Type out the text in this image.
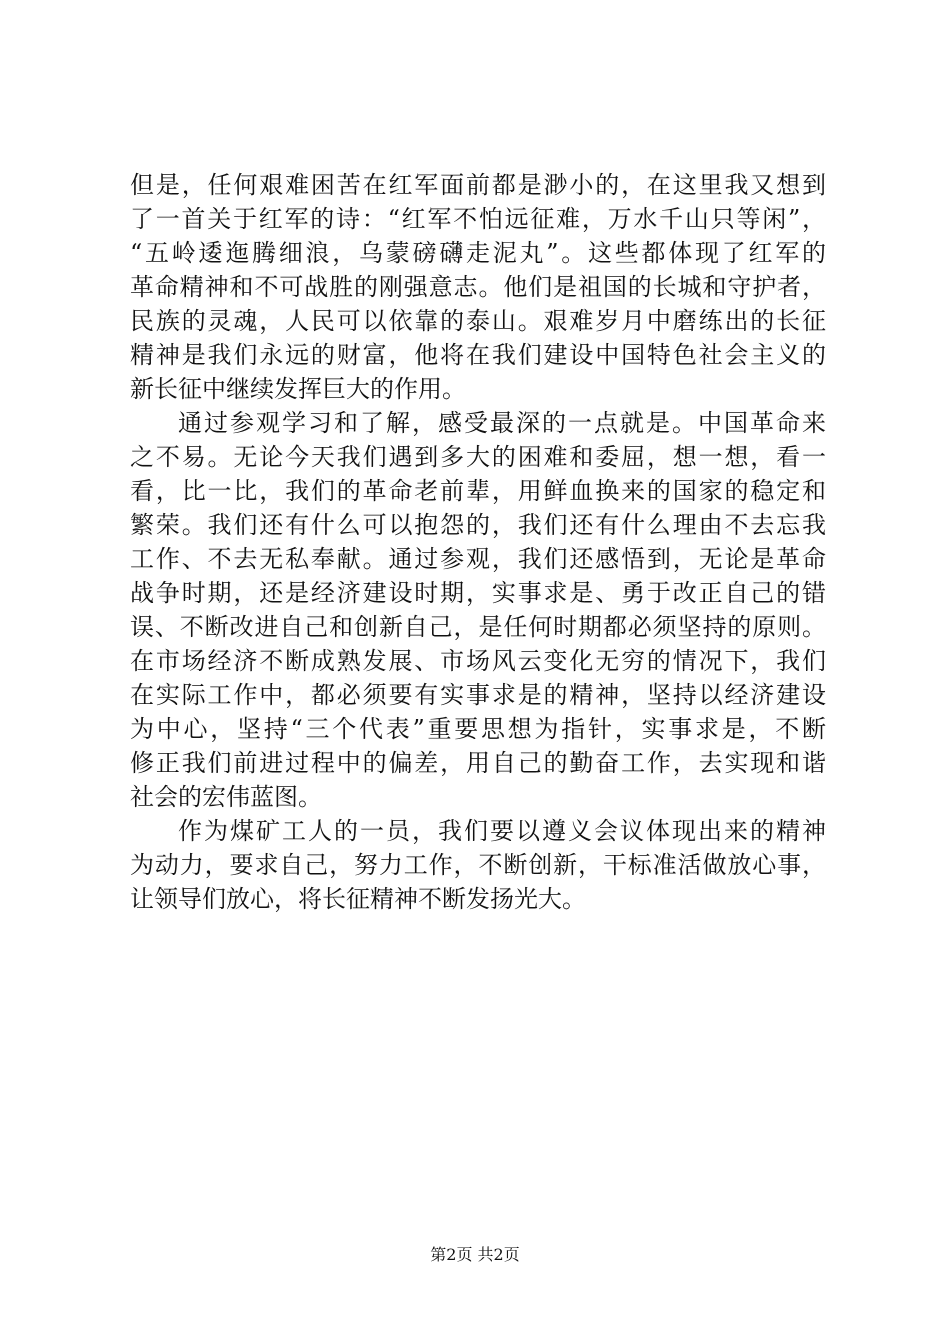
但是，任何艰难困苦在红军面前都是渺小的，在这里我又想到
了一首关于红军的诗：“红军不怕远征难，万水千山只等闲”，
“五岭逶迤腾细浪，乌蒙磅礴走泥丸”。这些都体现了红军的
革命精神和不可战胜的刚强意志。他们是祖国的长城和守护者，
民族的灵魂，人民可以依靠的泰山。艰难岁月中磨练出的长征
精神是我们永远的财富，他将在我们建设中国特色社会主义的
新长征中继续发挥巨大的作用。
通过参观学习和了解，感受最深的一点就是。中国革命来
之不易。无论今天我们遇到多大的困难和委屈，想一想，看一
看，比一比，我们的革命老前辈，用鲜血换来的国家的稳定和
繁荣。我们还有什么可以抱怨的，我们还有什么理由不去忘我
工作、不去无私奉献。通过参观，我们还感悟到，无论是革命
战争时期，还是经济建设时期，实事求是、勇于改正自己的错
误、不断改进自己和创新自己，是任何时期都必须坚持的原则。
在市场经济不断成熟发展、市场风云变化无穷的情况下，我们
在实际工作中，都必须要有实事求是的精神，坚持以经济建设
为中心，坚持“三个代表”重要思想为指针，实事求是，不断
修正我们前进过程中的偏差，用自己的勤奋工作，去实现和谐
社会的宏伟蓝图。
作为煤矿工人的一员，我们要以遵义会议体现出来的精神
为动力，要求自己，努力工作，不断创新，干标准活做放心事，
让领导们放心，将长征精神不断发扬光大。
第2页 共2页
